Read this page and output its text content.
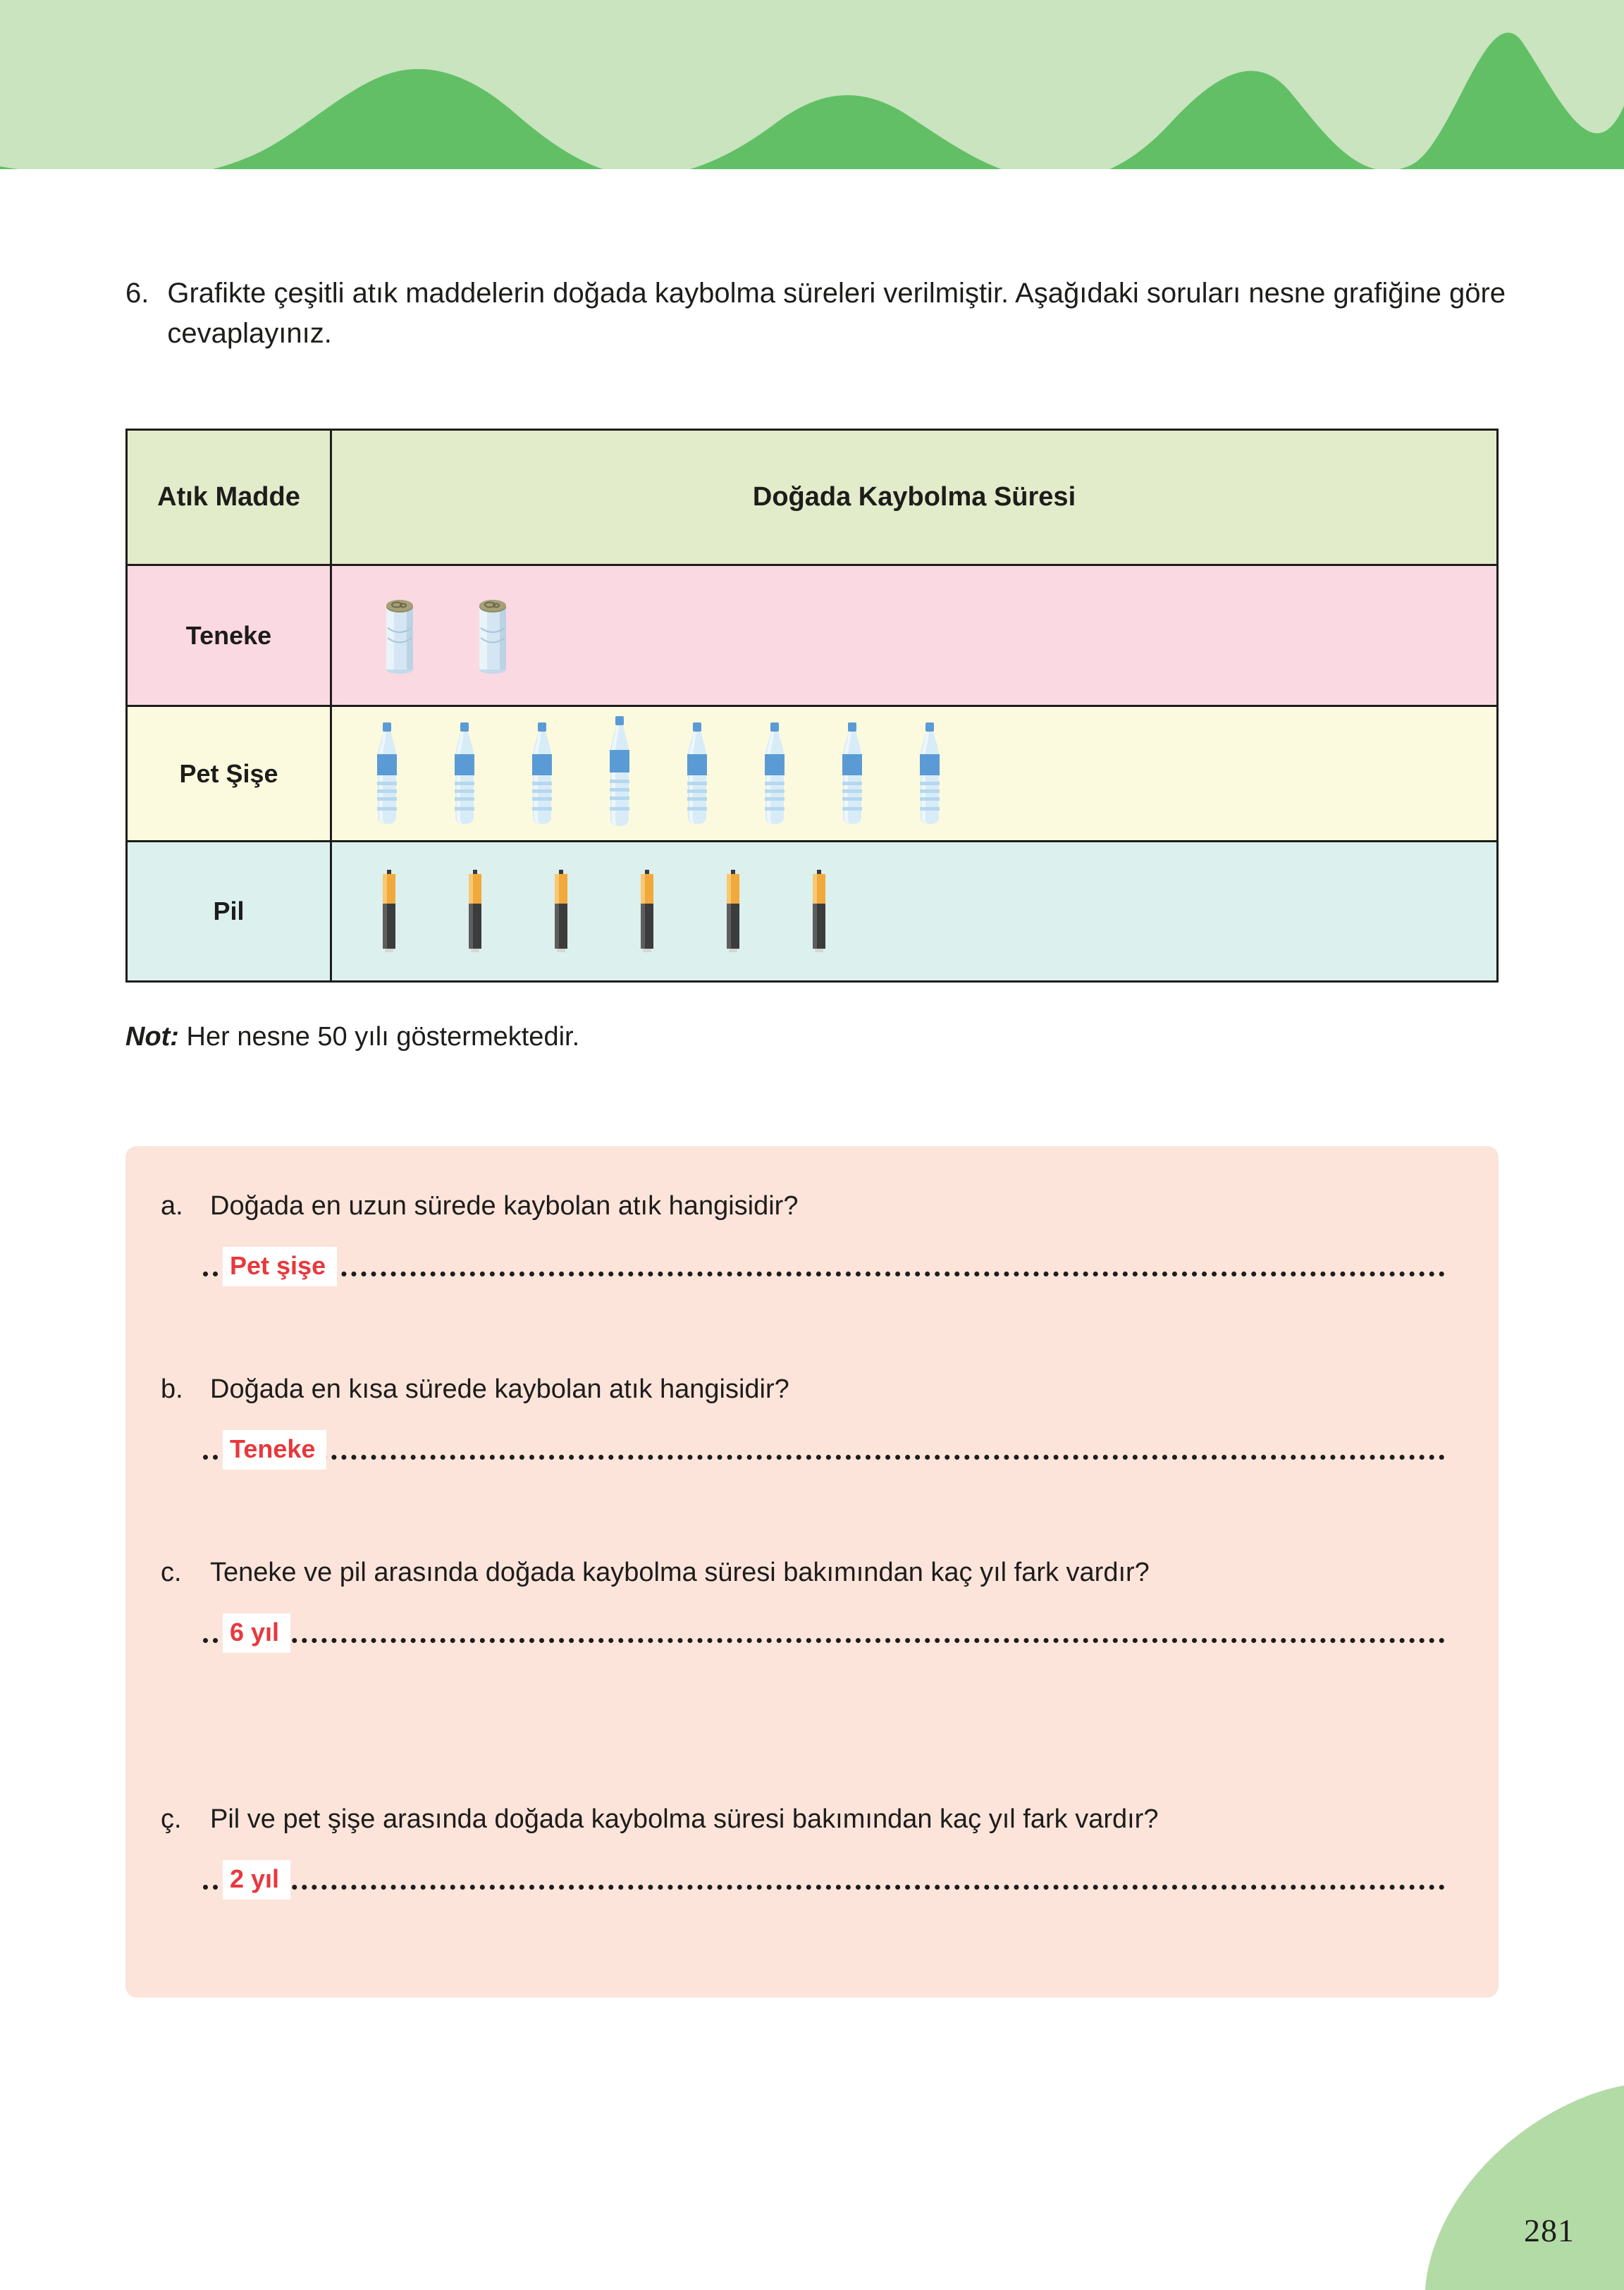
6. Grafikte çeşitli atık maddelerin doğada kaybolma süreleri verilmiştir. Aşağıdaki soruları nesne grafiğine göre cevaplayınız.
Atık Madde	Doğada Kaybolma Süresi
Teneke
Pet Şişe
Pil
Not: Her nesne 50 yılı göstermektedir.
a.	Doğada en uzun sürede kaybolan atık hangisidir?
Pet şişe
b.	Doğada en kısa sürede kaybolan atık hangisidir?
Teneke
c.	Teneke ve pil arasında doğada kaybolma süresi bakımından kaç yıl fark vardır?
6 yıl
ç.	Pil ve pet şişe arasında doğada kaybolma süresi bakımından kaç yıl fark vardır?
2 yıl
281
